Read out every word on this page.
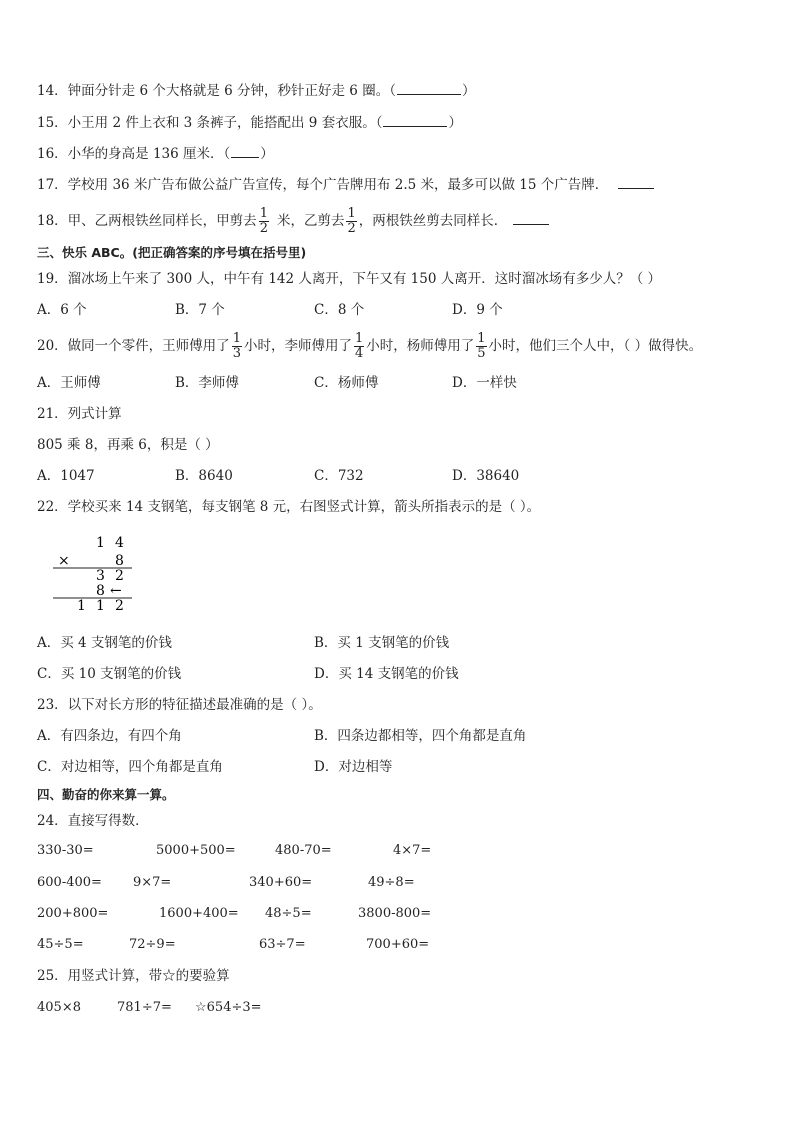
14．钟面分针走 6 个大格就是 6 分钟，秒针正好走 6 圈。（	）
15．小王用 2 件上衣和 3 条裤子，能搭配出 9 套衣服。（	）
16．小华的身高是 136 厘米．（ ）
17．学校用 36 米广告布做公益广告宣传，每个广告牌用布 2.5 米，最多可以做 15 个广告牌．
18．甲、乙两根铁丝同样长，甲剪去 $\frac{1}{2}$ 米，乙剪去 $\frac{1}{2}$ ，两根铁丝剪去同样长．
三、快乐 ABC。(把正确答案的序号填在括号里)
19．溜冰场上午来了 300 人，中午有 142 人离开，下午又有 150 人离开．这时溜冰场有多少人？（ ）
A．6 个	B．7 个	C．8 个	D．9 个
20．做同一个零件，王师傅用了 $\frac{1}{3}$ 小时，李师傅用了 $\frac{1}{4}$ 小时，杨师傅用了 $\frac{1}{5}$ 小时，他们三个人中，（ ）做得快。
A．王师傅	B．李师傅	C．杨师傅	D．一样快
21．列式计算
805 乘 8，再乘 6，积是（ ）
A．1047	B．8640	C．732	D．38640
22．学校买来 14 支钢笔，每支钢笔 8 元，右图竖式计算，箭头所指表示的是（ ）。
1 4
×	8
3 2
8 ←
1 1 2
A．买 4 支钢笔的价钱	B．买 1 支钢笔的价钱
C．买 10 支钢笔的价钱	D．买 14 支钢笔的价钱
23．以下对长方形的特征描述最准确的是（ ）。
A．有四条边，有四个角	B．四条边都相等，四个角都是直角
C．对边相等，四个角都是直角	D．对边相等
四、勤奋的你来算一算。
24．直接写得数．
330-30=	5000+500=	480-70=	4×7=
600-400= 9×7=	340+60=	49÷8=
200+800=	1600+400= 48÷5=	3800-800=
45÷5=	72÷9=	63÷7=	700+60=
25．用竖式计算，带☆的要验算
405×8	781÷7= ☆654÷3=
